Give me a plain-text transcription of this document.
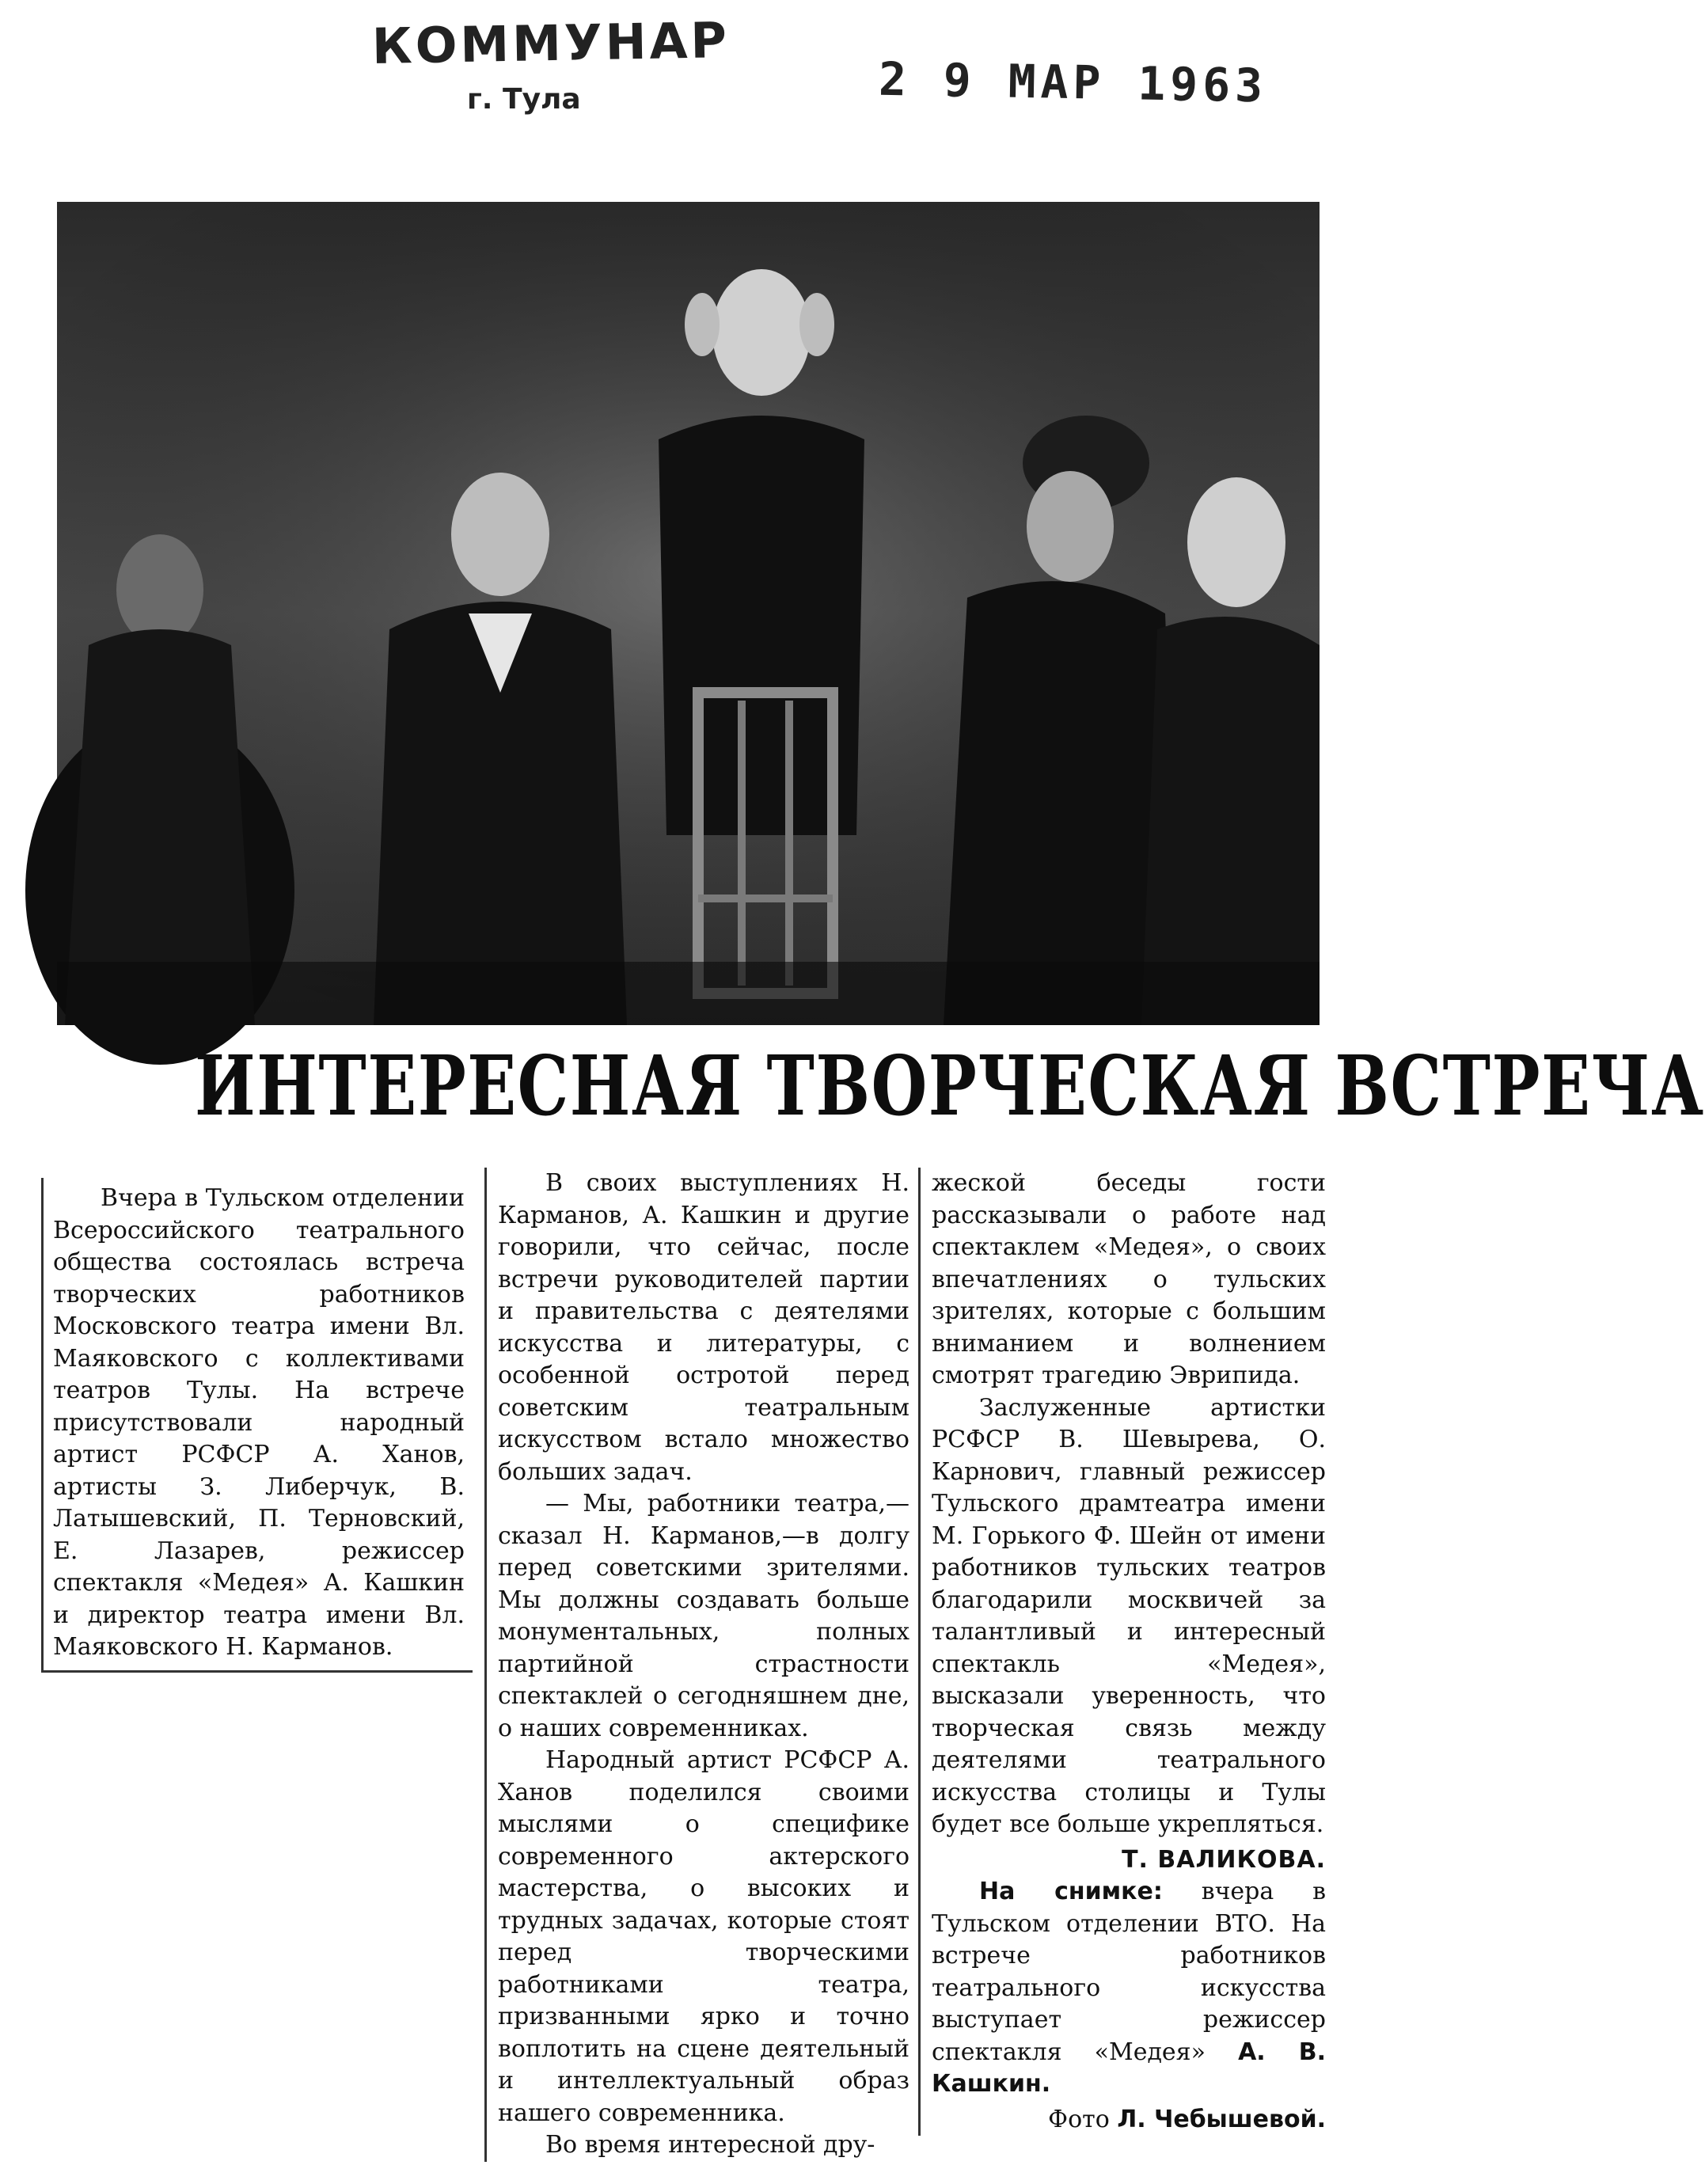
КОММУНАР
г. Тула	2 9 МАР 1963
ИНТЕРЕСНАЯ ТВОРЧЕСКАЯ ВСТРЕЧА

Вчера в Тульском отделении Всероссийского театрального общества состоялась встреча творческих работников Московского театра имени Вл. Маяковского с коллективами театров Тулы. На встрече присутствовали народный артист РСФСР А. Ханов, артисты З. Либерчук, В. Латышевский, П. Терновский, Е. Лазарев, режиссер спектакля «Медея» А. Кашкин и директор театра имени Вл. Маяковского Н. Карманов.

В своих выступлениях Н. Карманов, А. Кашкин и другие говорили, что сейчас, после встречи руководителей партии и правительства с деятелями искусства и литературы, с особенной остротой перед советским театральным искусством встало множество больших задач.

— Мы, работники театра,—сказал Н. Карманов,—в долгу перед советскими зрителями. Мы должны создавать больше монументальных, полных партийной страстности спектаклей о сегодняшнем дне, о наших современниках.

Народный артист РСФСР А. Ханов поделился своими мыслями о специфике современного актерского мастерства, о высоких и трудных задачах, которые стоят перед творческими работниками театра, призванными ярко и точно воплотить на сцене деятельный и интеллектуальный образ нашего современника.

Во время интересной дру-

жеской беседы гости рассказывали о работе над спектаклем «Медея», о своих впечатлениях о тульских зрителях, которые с большим вниманием и волнением смотрят трагедию Эврипида.

Заслуженные артистки РСФСР В. Шевырева, О. Карнович, главный режиссер Тульского драмтеатра имени М. Горького Ф. Шейн от имени работников тульских театров благодарили москвичей за талантливый и интересный спектакль «Медея», высказали уверенность, что творческая связь между деятелями театрального искусства столицы и Тулы будет все больше укрепляться.

Т. ВАЛИКОВА.

На снимке: вчера в Тульском отделении ВТО. На встрече работников театрального искусства выступает режиссер спектакля «Медея» А. В. Кашкин.

Фото Л. Чебышевой.
